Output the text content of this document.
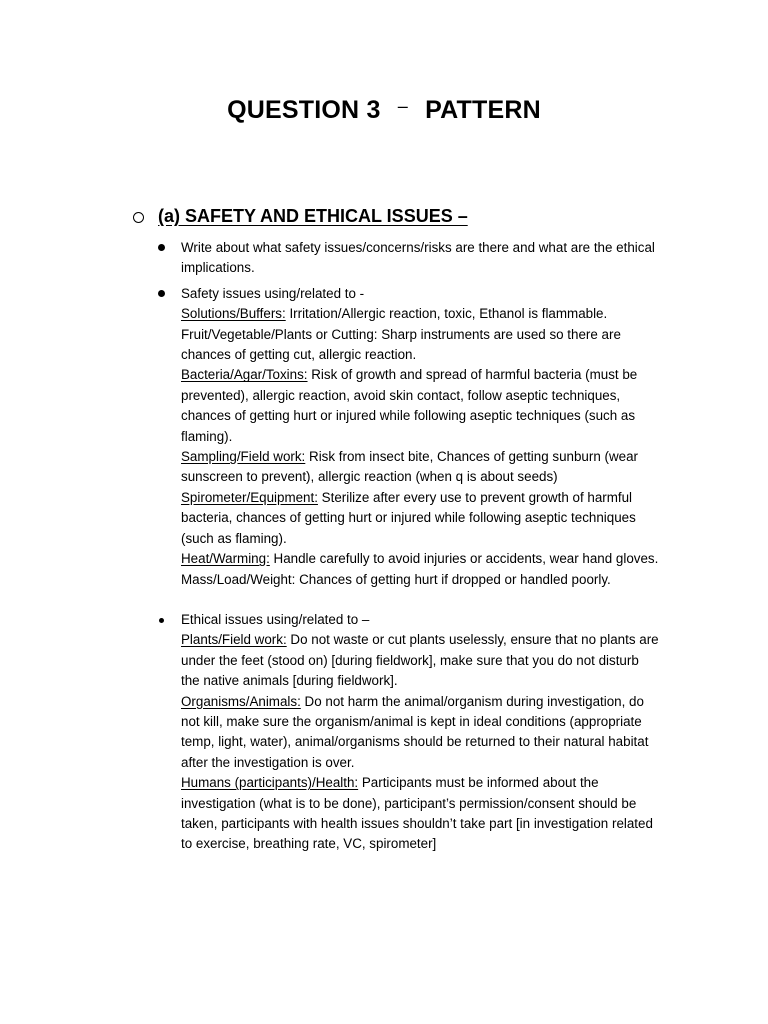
QUESTION 3 – PATTERN
(a) SAFETY AND ETHICAL ISSUES –
Write about what safety issues/concerns/risks are there and what are the ethical
implications.
Safety issues using/related to -
Solutions/Buffers: Irritation/Allergic reaction, toxic, Ethanol is flammable.
Fruit/Vegetable/Plants or Cutting: Sharp instruments are used so there are
chances of getting cut, allergic reaction.
Bacteria/Agar/Toxins: Risk of growth and spread of harmful bacteria (must be
prevented), allergic reaction, avoid skin contact, follow aseptic techniques,
chances of getting hurt or injured while following aseptic techniques (such as
flaming).
Sampling/Field work: Risk from insect bite, Chances of getting sunburn (wear
sunscreen to prevent), allergic reaction (when q is about seeds)
Spirometer/Equipment: Sterilize after every use to prevent growth of harmful
bacteria, chances of getting hurt or injured while following aseptic techniques
(such as flaming).
Heat/Warming: Handle carefully to avoid injuries or accidents, wear hand gloves.
Mass/Load/Weight: Chances of getting hurt if dropped or handled poorly.
Ethical issues using/related to –
Plants/Field work: Do not waste or cut plants uselessly, ensure that no plants are
under the feet (stood on) [during fieldwork], make sure that you do not disturb
the native animals [during fieldwork].
Organisms/Animals: Do not harm the animal/organism during investigation, do
not kill, make sure the organism/animal is kept in ideal conditions (appropriate
temp, light, water), animal/organisms should be returned to their natural habitat
after the investigation is over.
Humans (participants)/Health: Participants must be informed about the
investigation (what is to be done), participant’s permission/consent should be
taken, participants with health issues shouldn’t take part [in investigation related
to exercise, breathing rate, VC, spirometer]
